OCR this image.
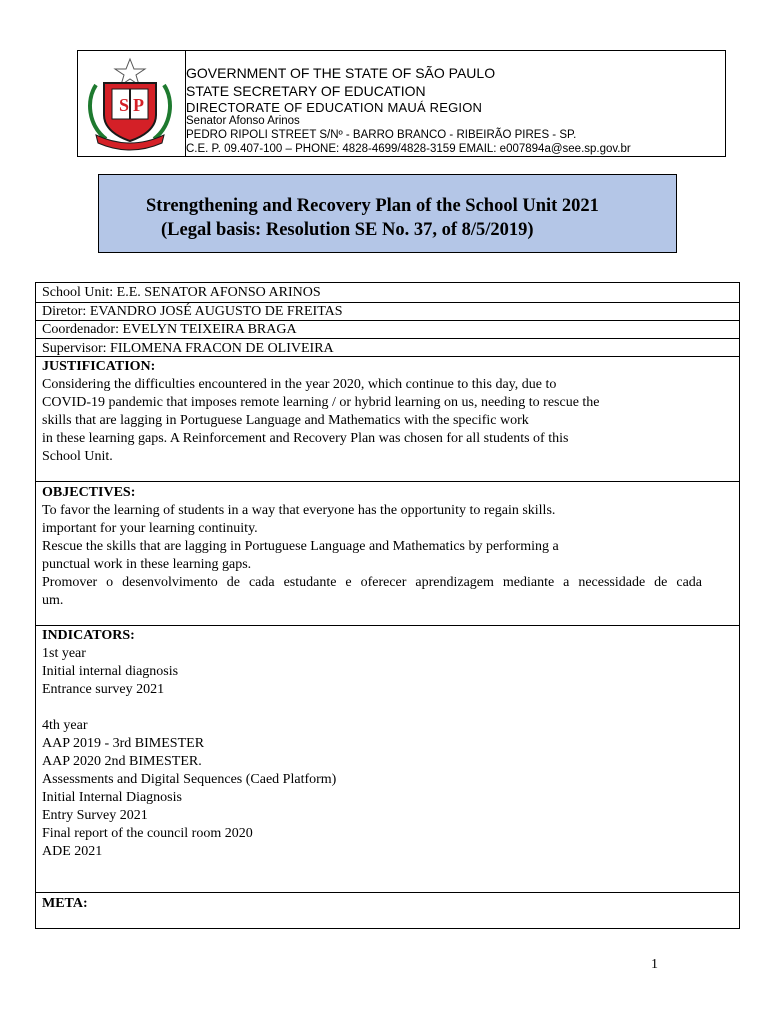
S P
GOVERNMENT OF THE STATE OF SÃO PAULO
STATE SECRETARY OF EDUCATION
DIRECTORATE OF EDUCATION MAUÁ REGION
Senator Afonso Arinos
PEDRO RIPOLI STREET S/Nº - BARRO BRANCO - RIBEIRÃO PIRES - SP.
C.E. P. 09.407-100 – PHONE: 4828-4699/4828-3159 EMAIL: e007894a@see.sp.gov.br
Strengthening and Recovery Plan of the School Unit 2021
(Legal basis: Resolution SE No. 37, of 8/5/2019)
School Unit: E.E. SENATOR AFONSO ARINOS
Diretor: EVANDRO JOSÉ AUGUSTO DE FREITAS
Coordenador: EVELYN TEIXEIRA BRAGA
Supervisor: FILOMENA FRACON DE OLIVEIRA
JUSTIFICATION:
Considering the difficulties encountered in the year 2020, which continue to this day, due to
COVID-19 pandemic that imposes remote learning / or hybrid learning on us, needing to rescue the
skills that are lagging in Portuguese Language and Mathematics with the specific work
in these learning gaps. A Reinforcement and Recovery Plan was chosen for all students of this
School Unit.
OBJECTIVES:
To favor the learning of students in a way that everyone has the opportunity to regain skills.
important for your learning continuity.
Rescue the skills that are lagging in Portuguese Language and Mathematics by performing a
punctual work in these learning gaps.
Promover o desenvolvimento de cada estudante e oferecer aprendizagem mediante a necessidade de cada
um.
INDICATORS:
1st year
Initial internal diagnosis
Entrance survey 2021
4th year
AAP 2019 - 3rd BIMESTER
AAP 2020 2nd BIMESTER.
Assessments and Digital Sequences (Caed Platform)
Initial Internal Diagnosis
Entry Survey 2021
Final report of the council room 2020
ADE 2021
META:
1
